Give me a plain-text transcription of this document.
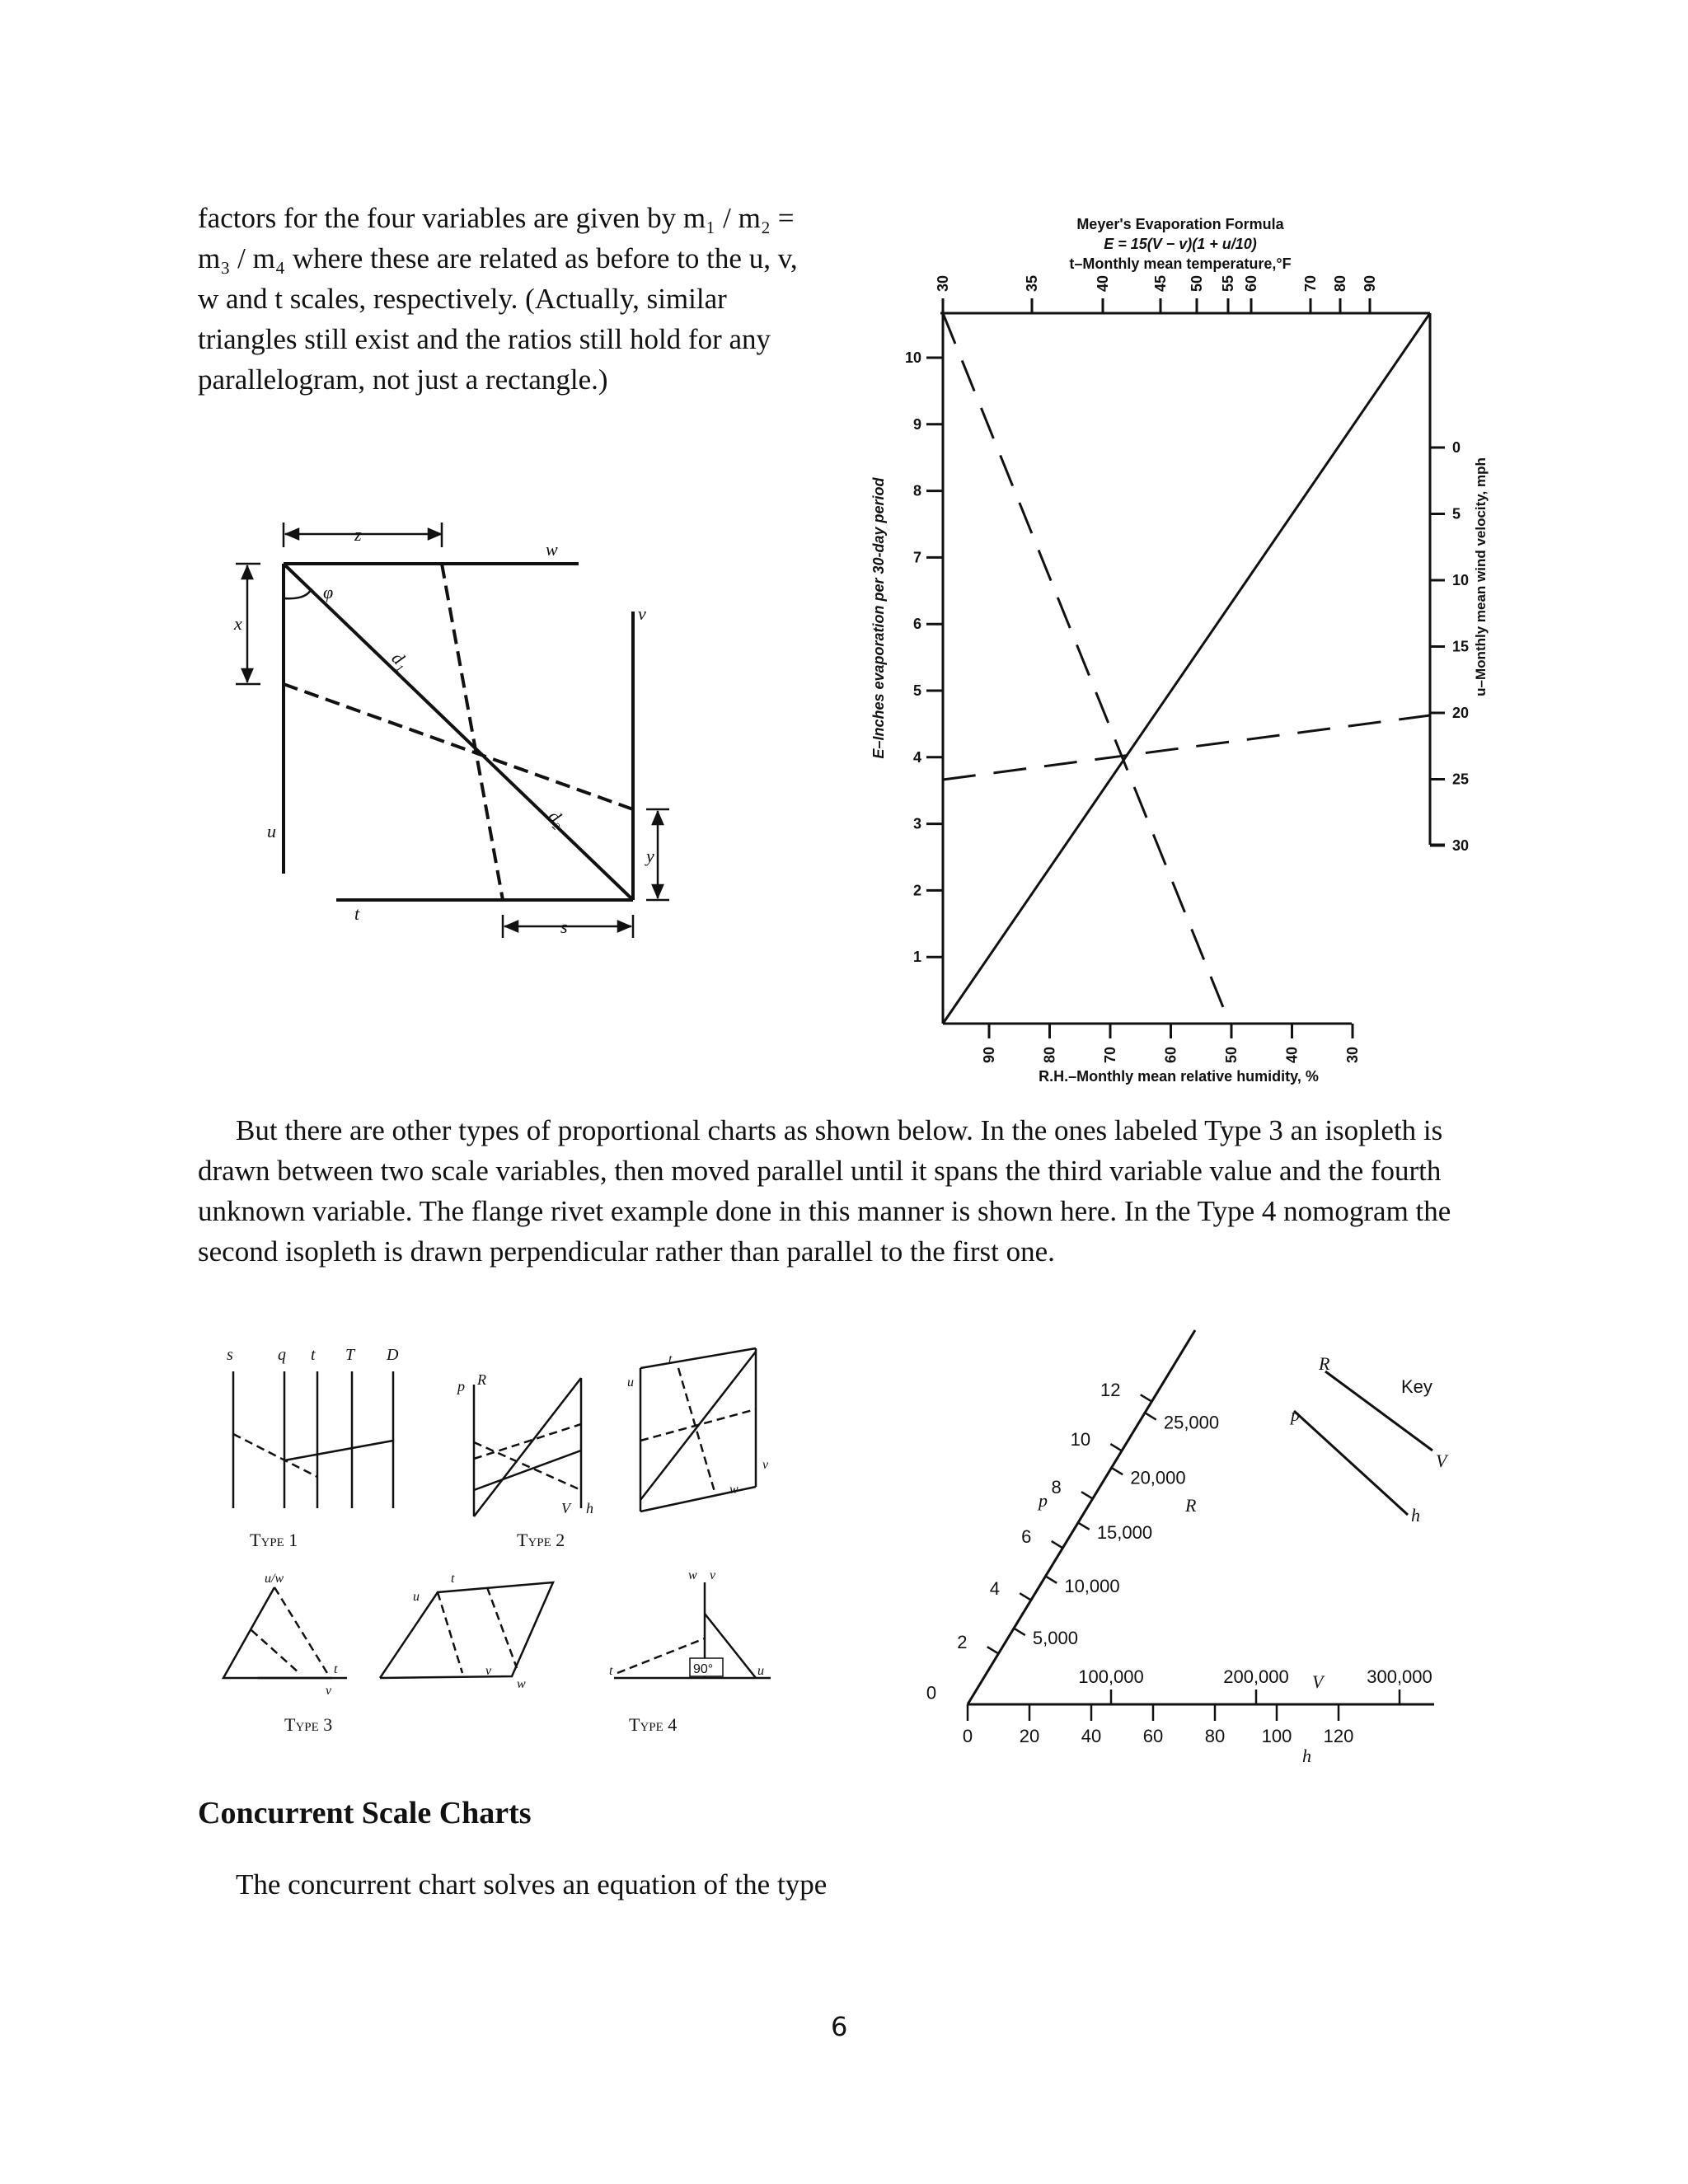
factors for the four variables are given by m₁ / m₂ = m₃ / m₄ where these are related as before to the u, v, w and t scales, respectively. (Actually, similar triangles still exist and the ratios still hold for any parallelogram, not just a rectangle.)

z
w
v
x
φ
d₁
d₂
u
y
t
s
Meyer's Evaporation Formula
E = 15(V − v)(1 + u/10)
t–Monthly mean temperature,°F
30	35	40	45 50 55 60	70 80 90
1
2
3
4
5
6
7
8
9
10
0
5
10
15
20
25
30
90	80	70	60	50	40	30
E–Inches evaporation per 30-day period	u–Monthly mean wind velocity, mph
R.H.–Monthly mean relative humidity, %

But there are other types of proportional charts as shown below. In the ones labeled Type 3 an isopleth is drawn between two scale variables, then moved parallel until it spans the third variable value and the fourth unknown variable. The flange rivet example done in this manner is shown here. In the Type 4 nomogram the second isopleth is drawn perpendicular rather than parallel to the first one.

s	q t T D
Type 1
p R
V h
Type 2
u
t
v
w
u/w
t
v
Type 3
u
t
v
w
90°
w v
t	u
Type 4
0
2
4
6
8
10
12
5,000
10,000
15,000
20,000
25,000
100,000	200,000	300,000
0	20 40 60 80 100 120
p	R
V
h
R
p
V
h
Key
Concurrent Scale Charts

The concurrent chart solves an equation of the type

6
